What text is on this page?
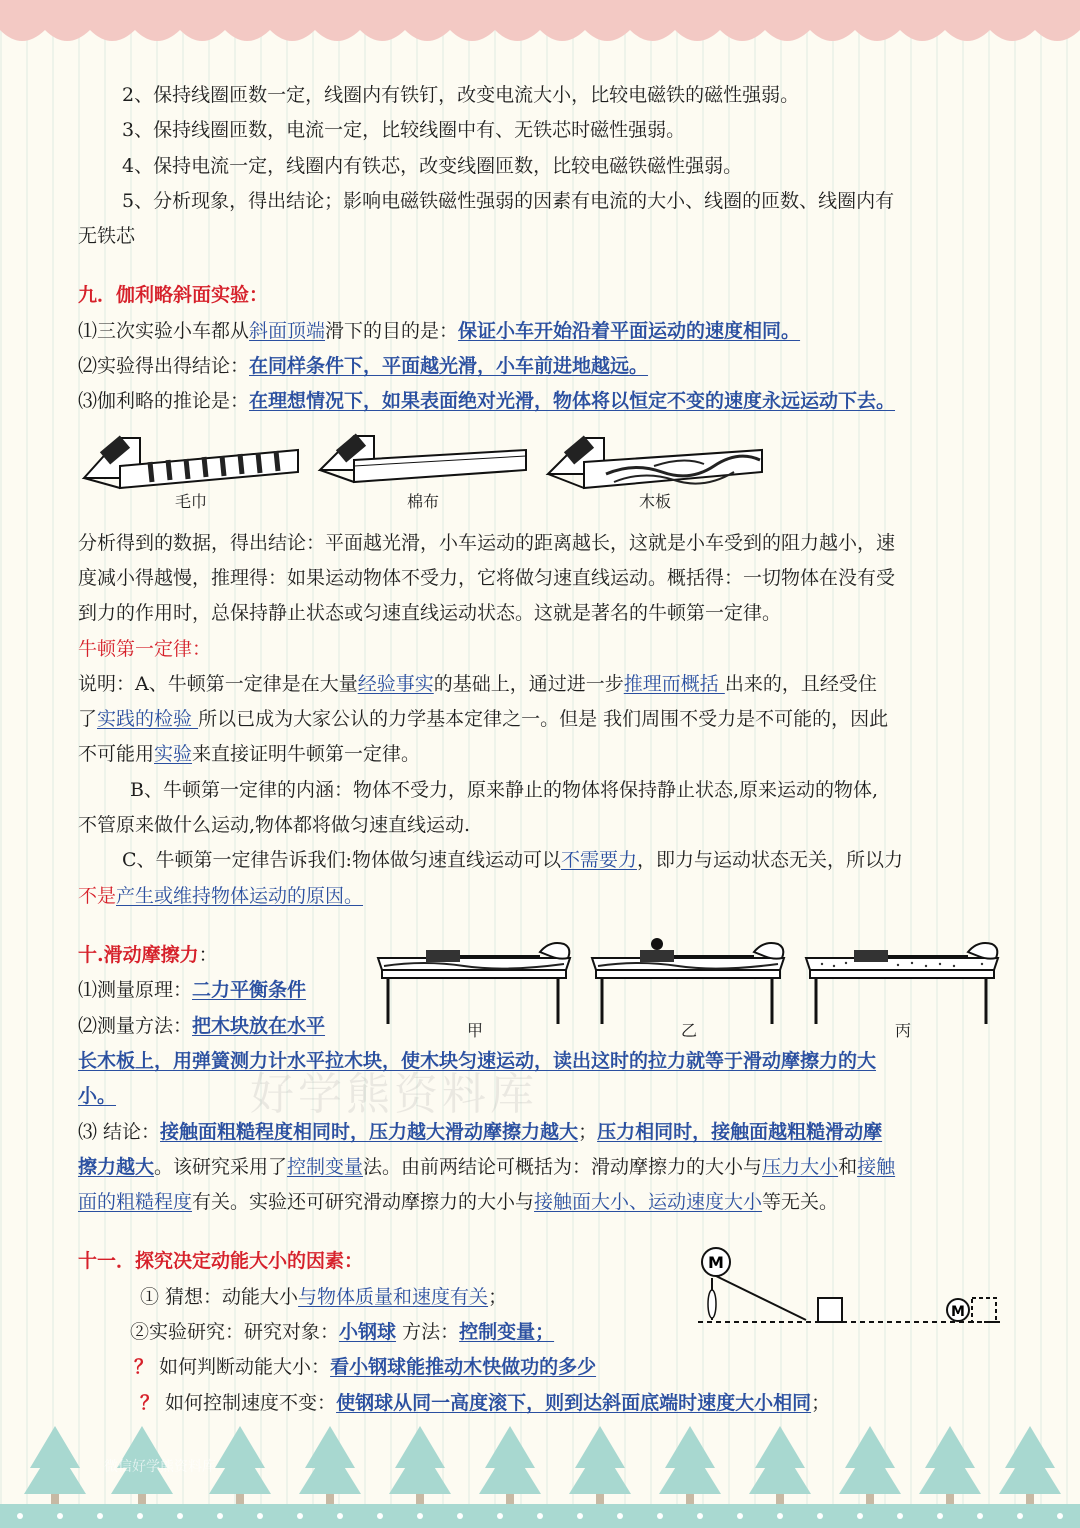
好学熊资料库
2、保持线圈匝数一定，线圈内有铁钉，改变电流大小，比较电磁铁的磁性强弱。
3、保持线圈匝数，电流一定，比较线圈中有、无铁芯时磁性强弱。
4、保持电流一定，线圈内有铁芯，改变线圈匝数，比较电磁铁磁性强弱。
5、分析现象，得出结论；影响电磁铁磁性强弱的因素有电流的大小、线圈的匝数、线圈内有
无铁芯
九．伽利略斜面实验：
⑴三次实验小车都从斜面顶端滑下的目的是：保证小车开始沿着平面运动的速度相同。
⑵实验得出得结论：在同样条件下，平面越光滑，小车前进地越远。
⑶伽利略的推论是：在理想情况下，如果表面绝对光滑，物体将以恒定不变的速度永远运动下去。
毛巾	棉布	木板
分析得到的数据，得出结论：平面越光滑，小车运动的距离越长，这就是小车受到的阻力越小，速
度减小得越慢，推理得：如果运动物体不受力，它将做匀速直线运动。概括得：一切物体在没有受
到力的作用时，总保持静止状态或匀速直线运动状态。这就是著名的牛顿第一定律。
牛顿第一定律：
说明：A、牛顿第一定律是在大量经验事实的基础上，通过进一步推理而概括 出来的，且经受住
了实践的检验 所以已成为大家公认的力学基本定律之一。但是 我们周围不受力是不可能的，因此
不可能用实验来直接证明牛顿第一定律。
B、牛顿第一定律的内涵：物体不受力，原来静止的物体将保持静止状态,原来运动的物体,
不管原来做什么运动,物体都将做匀速直线运动.
C、牛顿第一定律告诉我们:物体做匀速直线运动可以不需要力，即力与运动状态无关，所以力
不是产生或维持物体运动的原因。
十.滑动摩擦力：
⑴测量原理：二力平衡条件
⑵测量方法：把木块放在水平	甲	乙	丙
长木板上，用弹簧测力计水平拉木块，使木块匀速运动，读出这时的拉力就等于滑动摩擦力的大
小。
⑶ 结论：接触面粗糙程度相同时，压力越大滑动摩擦力越大；压力相同时，接触面越粗糙滑动摩
擦力越大。该研究采用了控制变量法。由前两结论可概括为：滑动摩擦力的大小与压力大小和接触
面的粗糙程度有关。实验还可研究滑动摩擦力的大小与接触面大小、运动速度大小等无关。
M
M
十一．探究决定动能大小的因素：
① 猜想：动能大小与物体质量和速度有关；
②实验研究：研究对象：小钢球 方法：控制变量；
？ 如何判断动能大小：看小钢球能推动木快做功的多少
？ 如何控制速度不变：使钢球从同一高度滚下，则到达斜面底端时速度大小相同；
微信好学熊资料库
